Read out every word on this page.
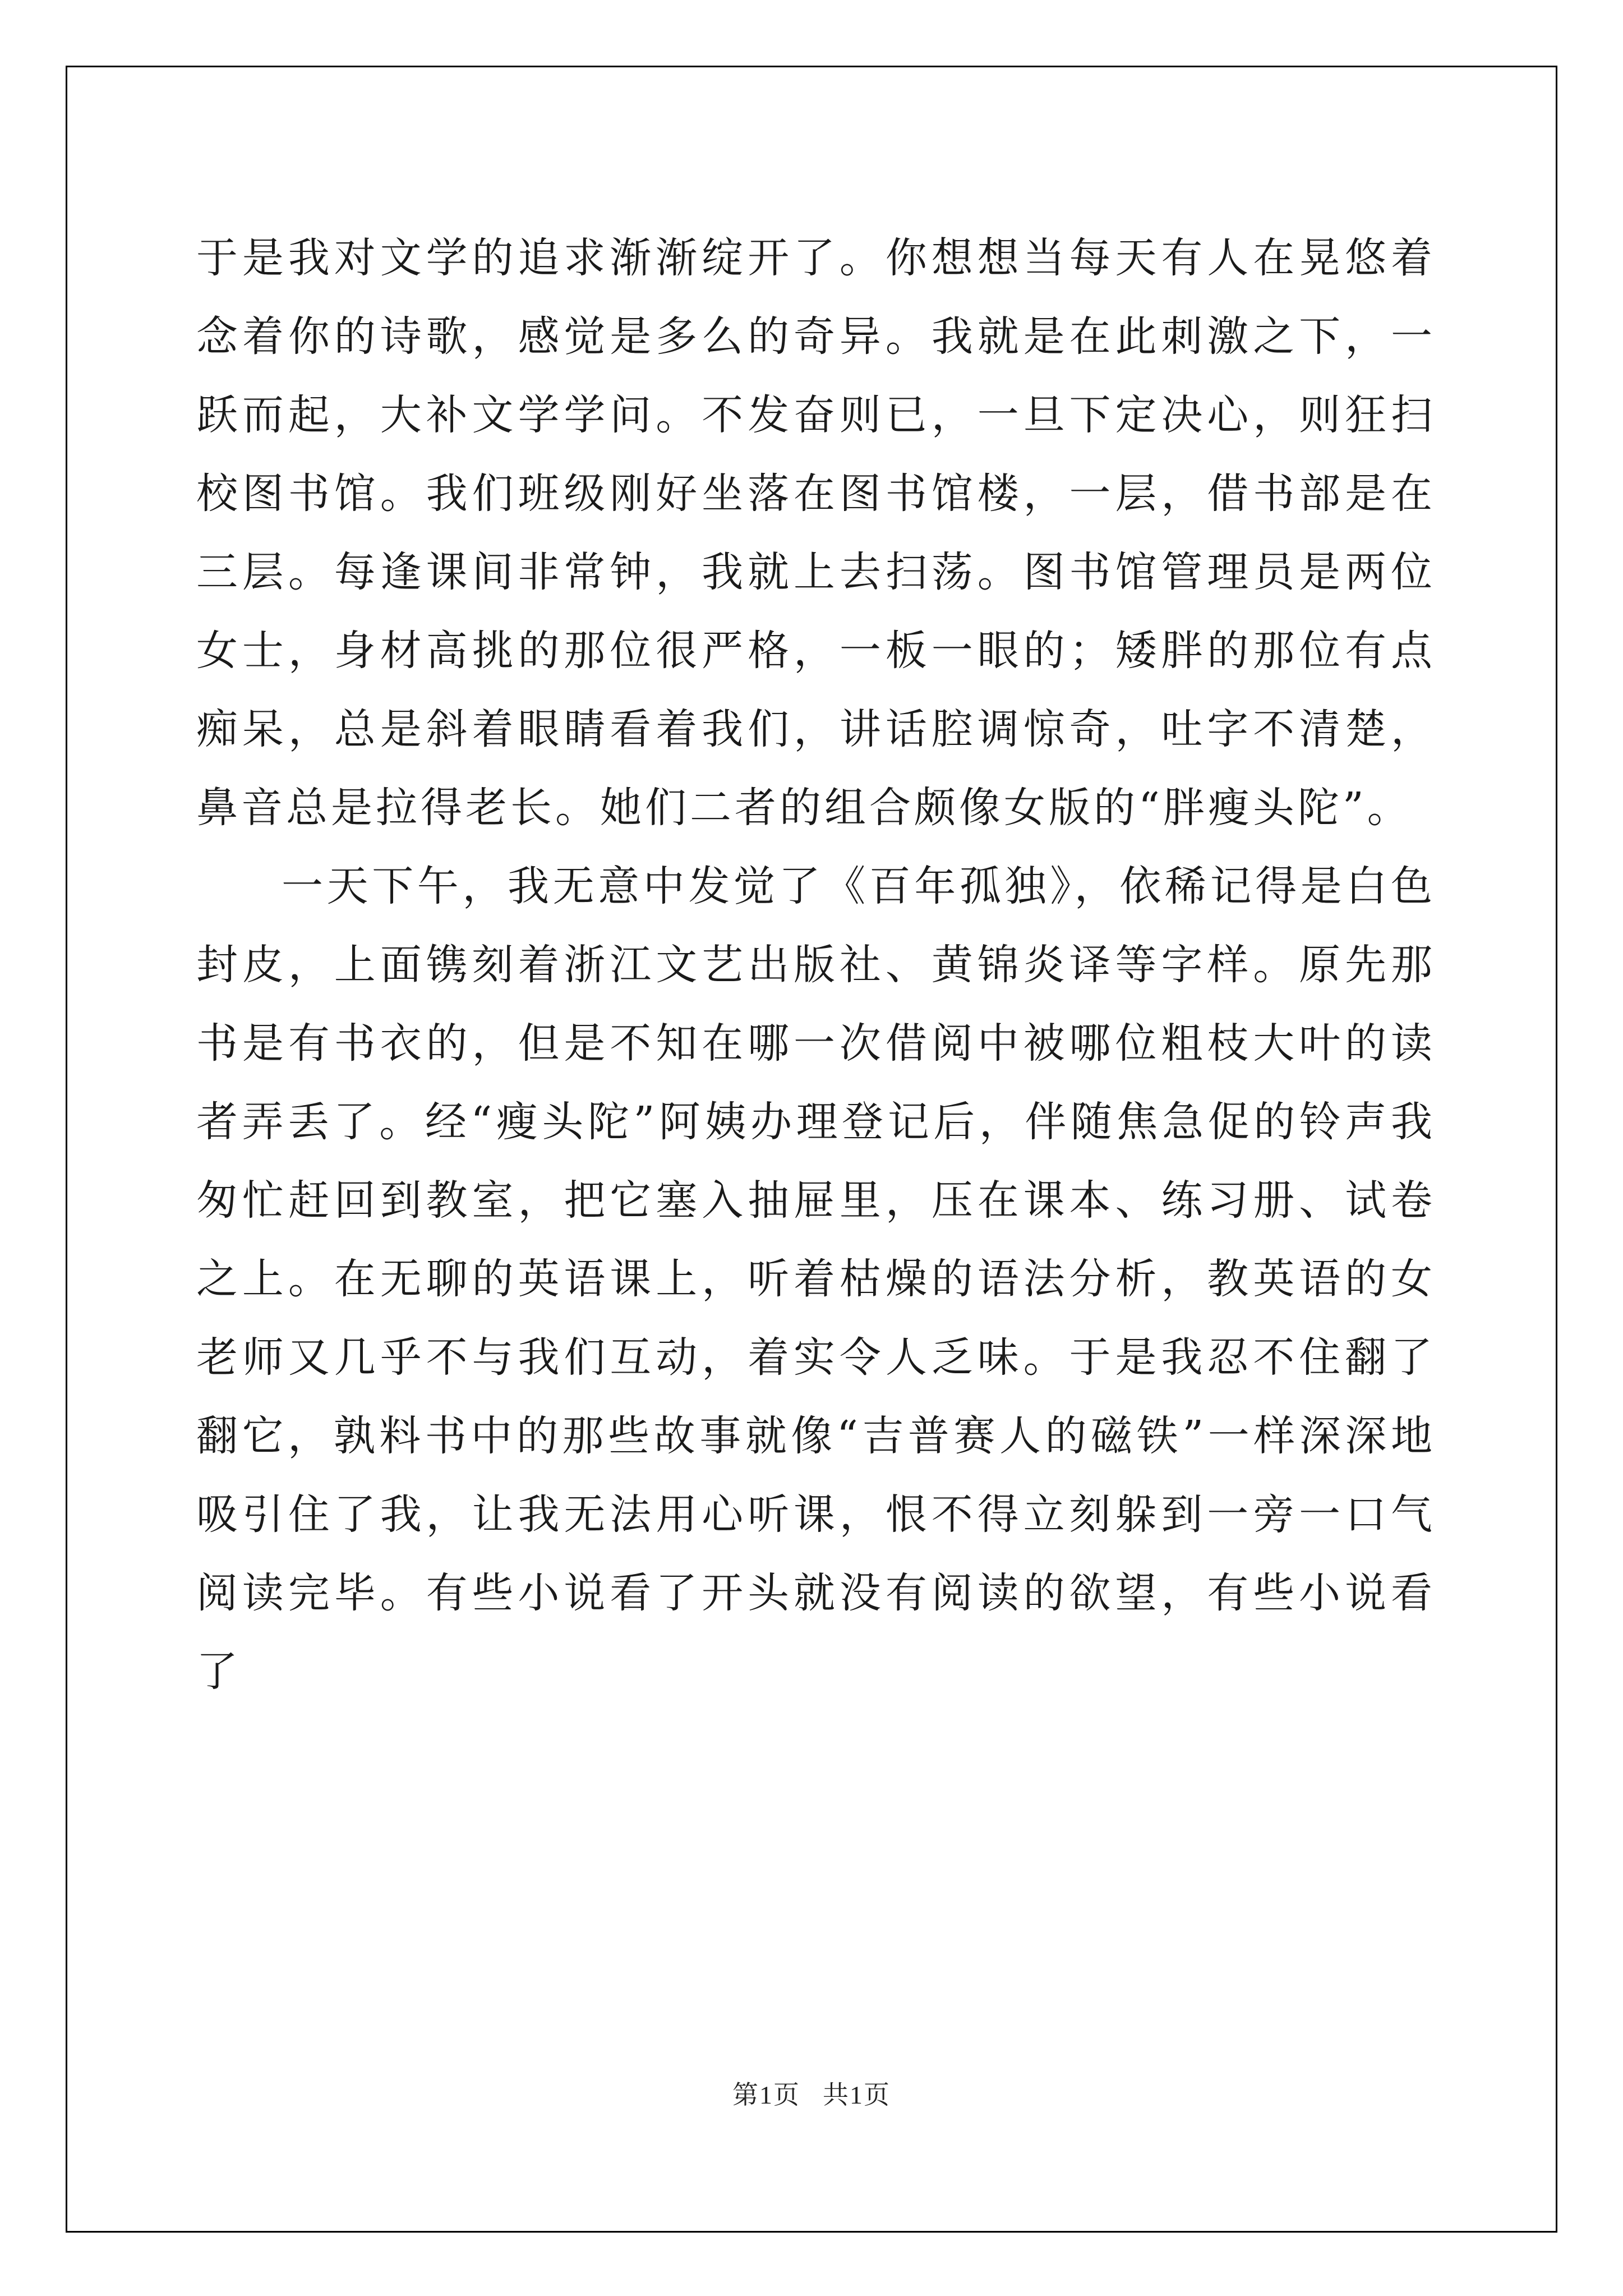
于是我对文学的追求渐渐绽开了。你想想当每天有人在晃悠着念着你的诗歌，感觉是多么的奇异。我就是在此刺激之下，一跃而起，大补文学学问。不发奋则已，一旦下定决心，则狂扫校图书馆。我们班级刚好坐落在图书馆楼，一层，借书部是在三层。每逢课间非常钟，我就上去扫荡。图书馆管理员是两位女士，身材高挑的那位很严格，一板一眼的；矮胖的那位有点痴呆，总是斜着眼睛看着我们，讲话腔调惊奇，吐字不清楚，鼻音总是拉得老长。她们二者的组合颇像女版的“胖瘦头陀”。

一天下午，我无意中发觉了《百年孤独》，依稀记得是白色封皮，上面镌刻着浙江文艺出版社、黄锦炎译等字样。原先那书是有书衣的，但是不知在哪一次借阅中被哪位粗枝大叶的读者弄丢了。经“瘦头陀”阿姨办理登记后，伴随焦急促的铃声我匆忙赶回到教室，把它塞入抽屉里，压在课本、练习册、试卷之上。在无聊的英语课上，听着枯燥的语法分析，教英语的女老师又几乎不与我们互动，着实令人乏味。于是我忍不住翻了翻它，孰料书中的那些故事就像“吉普赛人的磁铁”一样深深地吸引住了我，让我无法用心听课，恨不得立刻躲到一旁一口气阅读完毕。有些小说看了开头就没有阅读的欲望，有些小说看了

第1页 共1页
